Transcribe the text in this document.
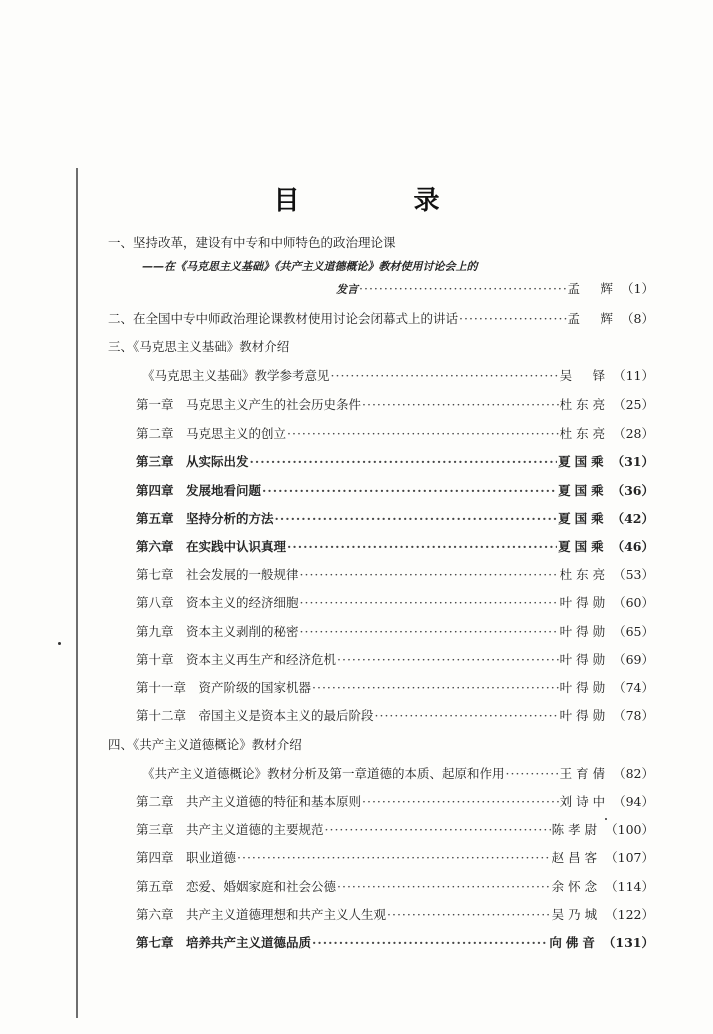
目　录
一、坚持改革，建设有中专和中师特色的政治理论课
——在《马克思主义基础》《共产主义道德概论》教材使用讨论会上的
发言 ·····	孟　辉 （1）
二、在全国中专中师政治理论课教材使用讨论会闭幕式上的讲话 ·····	孟　辉 （8）
三、《马克思主义基础》教材介绍
《马克思主义基础》教学参考意见 ·····	吴　铎 （11）
第一章　马克思主义产生的社会历史条件 ·····	杜东亮 （25）
第二章　马克思主义的创立 ·····	杜东亮 （28）
第三章　从实际出发 ·····	夏国乘 （31）
第四章　发展地看问题 ·····	夏国乘 （36）
第五章　坚持分析的方法 ·····	夏国乘 （42）
第六章　在实践中认识真理 ·····	夏国乘 （46）
第七章　社会发展的一般规律 ·····	杜东亮 （53）
第八章　资本主义的经济细胞 ·····	叶得勋 （60）
第九章　资本主义剥削的秘密 ·····	叶得勋 （65）
第十章　资本主义再生产和经济危机 ·····	叶得勋 （69）
第十一章　资产阶级的国家机器 ·····	叶得勋 （74）
第十二章　帝国主义是资本主义的最后阶段 ·····	叶得勋 （78）
四、《共产主义道德概论》教材介绍
《共产主义道德概论》教材分析及第一章道德的本质、起原和作用 ·····	王育倩 （82）
第二章　共产主义道德的特征和基本原则 ·····	刘诗中 （94）
第三章　共产主义道德的主要规范 ·····	陈孝尉 （100）
第四章　职业道德 ·····	赵昌客 （107）
第五章　恋爱、婚姻家庭和社会公德 ·····	余怀念 （114）
第六章　共产主义道德理想和共产主义人生观 ·····	吴乃城 （122）
第七章　培养共产主义道德品质 ·····	向佛音 （131）
